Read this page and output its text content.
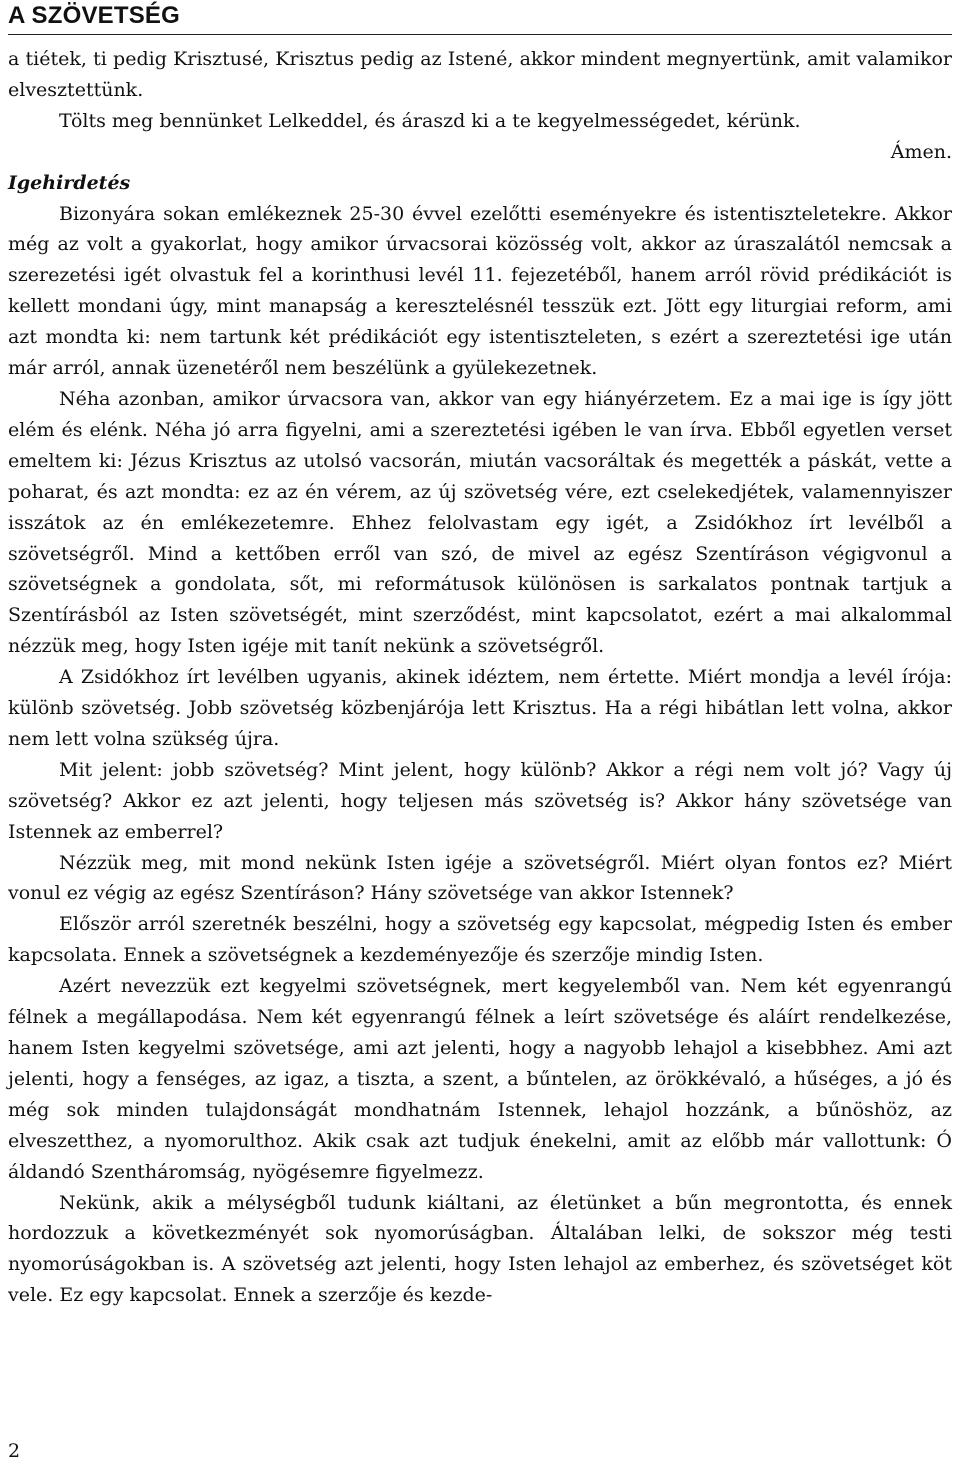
A SZÖVETSÉG

a tiétek, ti pedig Krisztusé, Krisztus pedig az Istené, akkor mindent megnyertünk, amit valamikor elvesztettünk.

Tölts meg bennünket Lelkeddel, és áraszd ki a te kegyelmességedet, kérünk.

Ámen.

Igehirdetés

Bizonyára sokan emlékeznek 25-30 évvel ezelőtti eseményekre és istentiszteletekre. Akkor még az volt a gyakorlat, hogy amikor úrvacsorai közösség volt, akkor az úraszalától nemcsak a szerezetési igét olvastuk fel a korinthusi levél 11. fejezetéből, hanem arról rövid prédikációt is kellett mondani úgy, mint manapság a keresztelésnél tesszük ezt. Jött egy liturgiai reform, ami azt mondta ki: nem tartunk két prédikációt egy istentiszteleten, s ezért a szereztetési ige után már arról, annak üzenetéről nem beszélünk a gyülekezetnek.

Néha azonban, amikor úrvacsora van, akkor van egy hiányérzetem. Ez a mai ige is így jött elém és elénk. Néha jó arra figyelni, ami a szereztetési igében le van írva. Ebből egyetlen verset emeltem ki: Jézus Krisztus az utolsó vacsorán, miután vacsoráltak és megették a páskát, vette a poharat, és azt mondta: ez az én vérem, az új szövetség vére, ezt cselekedjétek, valamennyiszer isszátok az én emlékezetemre. Ehhez felolvastam egy igét, a Zsidókhoz írt levélből a szövetségről. Mind a kettőben erről van szó, de mivel az egész Szentíráson végigvonul a szövetségnek a gondolata, sőt, mi reformátusok különösen is sarkalatos pontnak tartjuk a Szentírásból az Isten szövetségét, mint szerződést, mint kapcsolatot, ezért a mai alkalommal nézzük meg, hogy Isten igéje mit tanít nekünk a szövetségről.

A Zsidókhoz írt levélben ugyanis, akinek idéztem, nem értette. Miért mondja a levél írója: különb szövetség. Jobb szövetség közbenjárója lett Krisztus. Ha a régi hibátlan lett volna, akkor nem lett volna szükség újra.

Mit jelent: jobb szövetség? Mint jelent, hogy különb? Akkor a régi nem volt jó? Vagy új szövetség? Akkor ez azt jelenti, hogy teljesen más szövetség is? Akkor hány szövetsége van Istennek az emberrel?

Nézzük meg, mit mond nekünk Isten igéje a szövetségről. Miért olyan fontos ez? Miért vonul ez végig az egész Szentíráson? Hány szövetsége van akkor Istennek?

Először arról szeretnék beszélni, hogy a szövetség egy kapcsolat, mégpedig Isten és ember kapcsolata. Ennek a szövetségnek a kezdeményezője és szerzője mindig Isten.

Azért nevezzük ezt kegyelmi szövetségnek, mert kegyelemből van. Nem két egyenrangú félnek a megállapodása. Nem két egyenrangú félnek a leírt szövetsége és aláírt rendelkezése, hanem Isten kegyelmi szövetsége, ami azt jelenti, hogy a nagyobb lehajol a kisebbhez. Ami azt jelenti, hogy a fenséges, az igaz, a tiszta, a szent, a bűntelen, az örökkévaló, a hűséges, a jó és még sok minden tulajdonságát mondhatnám Istennek, lehajol hozzánk, a bűnöshöz, az elveszetthez, a nyomorulthoz. Akik csak azt tudjuk énekelni, amit az előbb már vallottunk: Ó áldandó Szentháromság, nyögésemre figyelmezz.

Nekünk, akik a mélységből tudunk kiáltani, az életünket a bűn megrontotta, és ennek hordozzuk a következményét sok nyomorúságban. Általában lelki, de sokszor még testi nyomorúságokban is. A szövetség azt jelenti, hogy Isten lehajol az emberhez, és szövetséget köt vele. Ez egy kapcsolat. Ennek a szerzője és kezde-

2
